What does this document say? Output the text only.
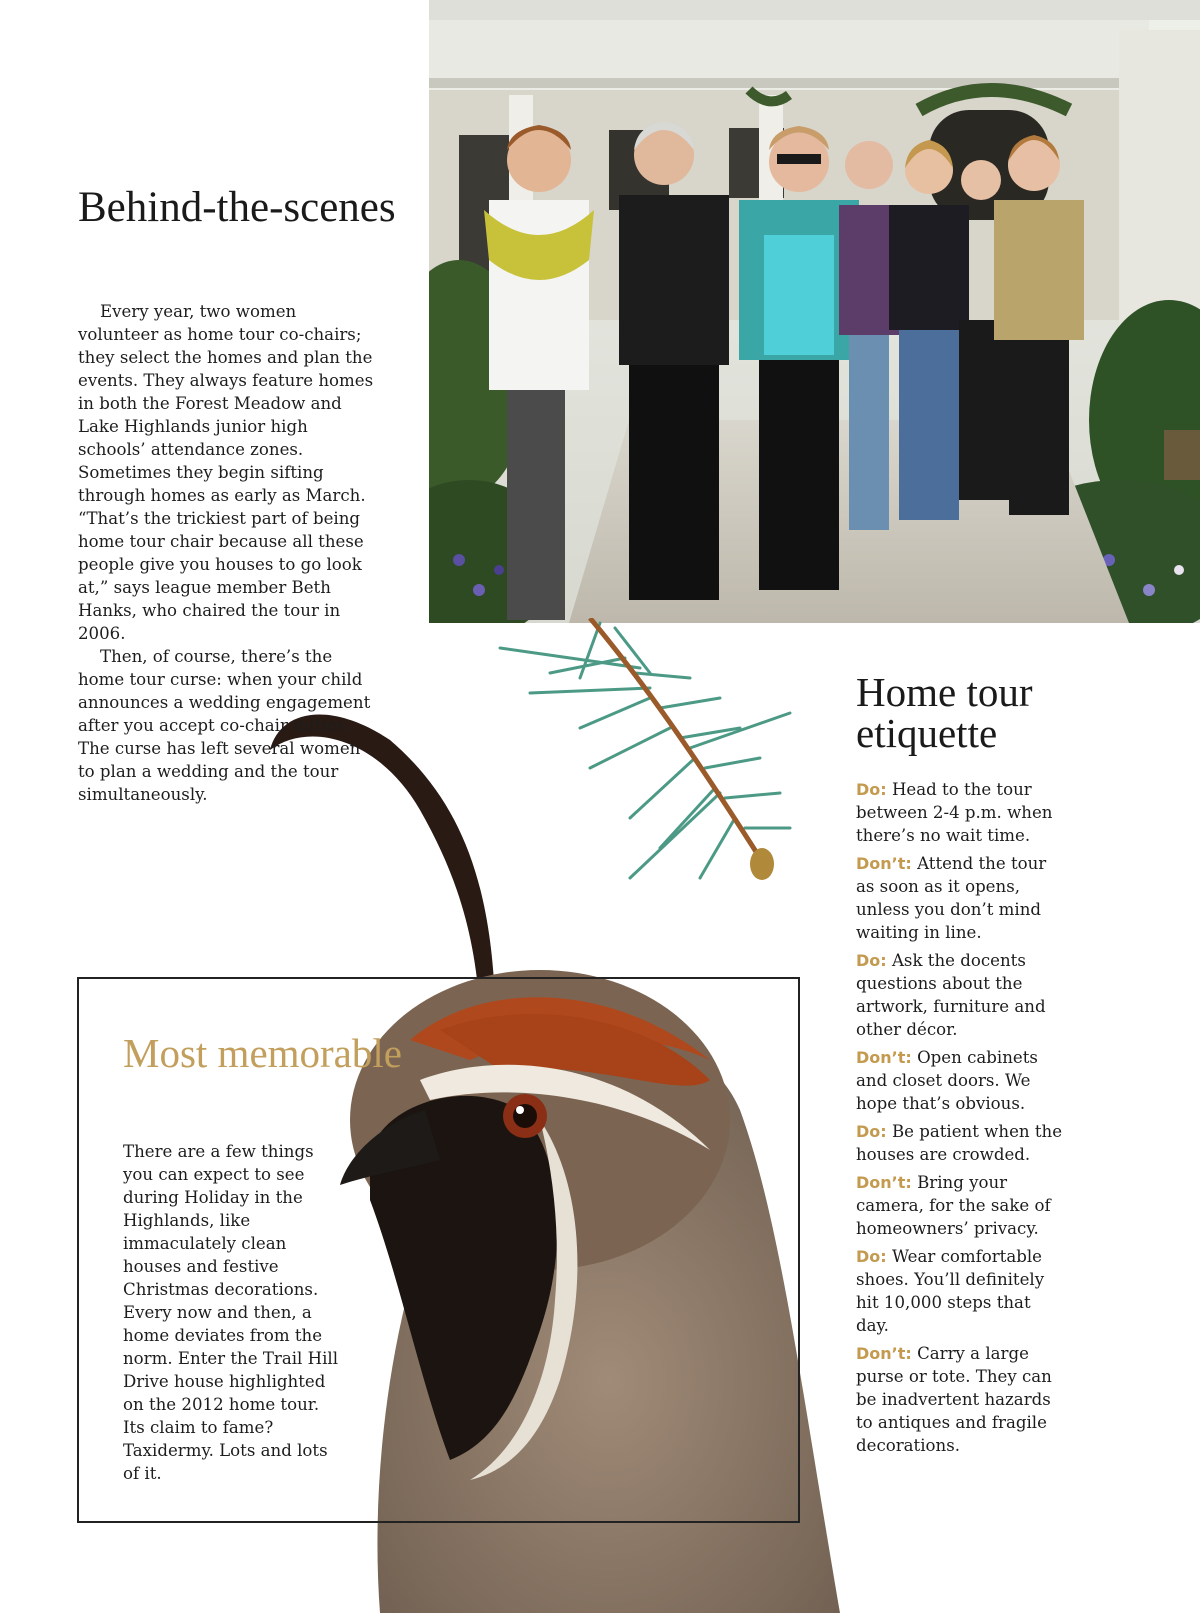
Behind-the-scenes

Every year, two women volunteer as home tour co-chairs; they select the homes and plan the events. They always feature homes in both the Forest Meadow and Lake Highlands junior high schools’ attendance zones. Sometimes they begin sifting through homes as early as March. “That’s the trickiest part of being home tour chair because all these people give you houses to go look at,” says league member Beth Hanks, who chaired the tour in 2006.

Then, of course, there’s the home tour curse: when your child announces a wedding engagement after you accept co-chair duties. The curse has left several women to plan a wedding and the tour simultaneously.

Home tour etiquette
Do: Head to the tour between 2-4 p.m. when there’s no wait time.
Don’t: Attend the tour as soon as it opens, unless you don’t mind waiting in line.
Do: Ask the docents questions about the artwork, furniture and other décor.
Don’t: Open cabinets and closet doors. We hope that’s obvious.
Do: Be patient when the houses are crowded.
Don’t: Bring your camera, for the sake of homeowners’ privacy.
Do: Wear comfortable shoes. You’ll definitely hit 10,000 steps that day.
Don’t: Carry a large purse or tote. They can be inadvertent hazards to antiques and fragile decorations.
Most memorable

There are a few things you can expect to see during Holiday in the Highlands, like immaculately clean houses and festive Christmas decorations. Every now and then, a home deviates from the norm. Enter the Trail Hill Drive house highlighted on the 2012 home tour. Its claim to fame? Taxidermy. Lots and lots of it.
